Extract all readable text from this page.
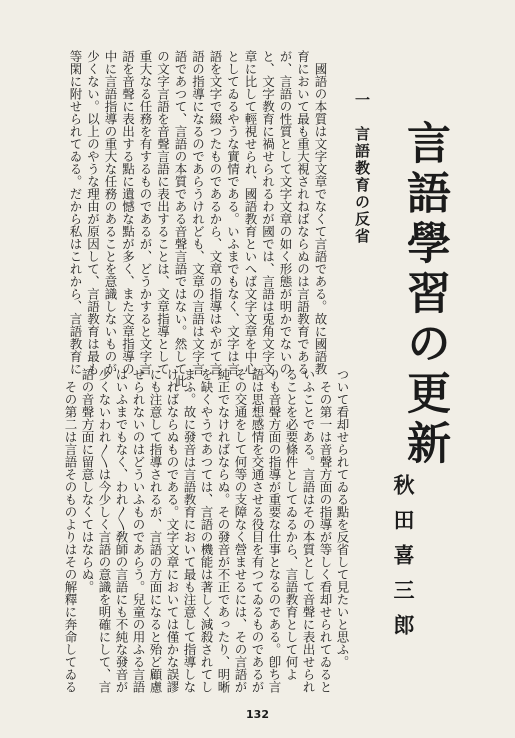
言語學習の更新
秋田喜三郎
一　言語教育の反省
　國語の本質は文字文章でなくて言語である。故に國語教
育において最も重大視されねばならぬのは言語教育である
が、言語の性質として文字文章の如く形態が明かでないの
と、文字教育に禍せられるわが國では、言語は兎角文字文
章に比して輕視せられ、國語教育といへば文字文章を中心
としてゐるやうな實情である。いふまでもなく、文字は言
語を文字で綴つたものであるから、文章の指導はやがて言
語の指導になるのであらうけれども、文章の言語は文字言
語であつて、言語の本質である音聲言語ではない。然して此
の文字言語を音聲言語に表出することは、文章指導として
重大なる任務を有するものであるが、どうかすると文字言
語を音聲に表出する點に遺憾な點が多く、また文章指導の
中に言語指導の重大な任務のあることを意識しないものが
少くない。以上のやうな理由が原因して、言語教育は最も
等閑に附せられてゐる。だから私はこれから、言語教育に
ついて看却せられてゐる點を反省して見たいと思ふ。
　その第一は音聲方面の指導が等しく看却せられてゐると
いふことである。言語はその本質として音聲に表出せられ
ることを必要條件としてゐるから、言語教育として何よ
りも音聲方面の指導が重要な仕事となるのである。卽ち言
語は思想感情を交通させる役目を有つてゐるものであるが
その交通をして何等の支障なく營ませるには、その言語が
純正でなければならぬ。その發音が不正であったり、明晰
を缺くやうであつては、言語の機能は著しく減殺されてし
まふ。故に發音は言語教育において最も注意して指導しな
ければならぬものである。文字文章においては僅かな誤謬
にも注意して指導されるが、言語の方面になると殆ど顧慮
せられないのはどういふものであらう。兒童の用ふる言語
はいふまでもなく、われ〳〵敎師の言語にも不純な發音が
少くないわれ〳〵は今少しく言語の意識を明確にして、言
語の音聲方面に留意しなくてはならぬ。
　その第二は言語そのものよりはその解釋に奔命してゐる
132
